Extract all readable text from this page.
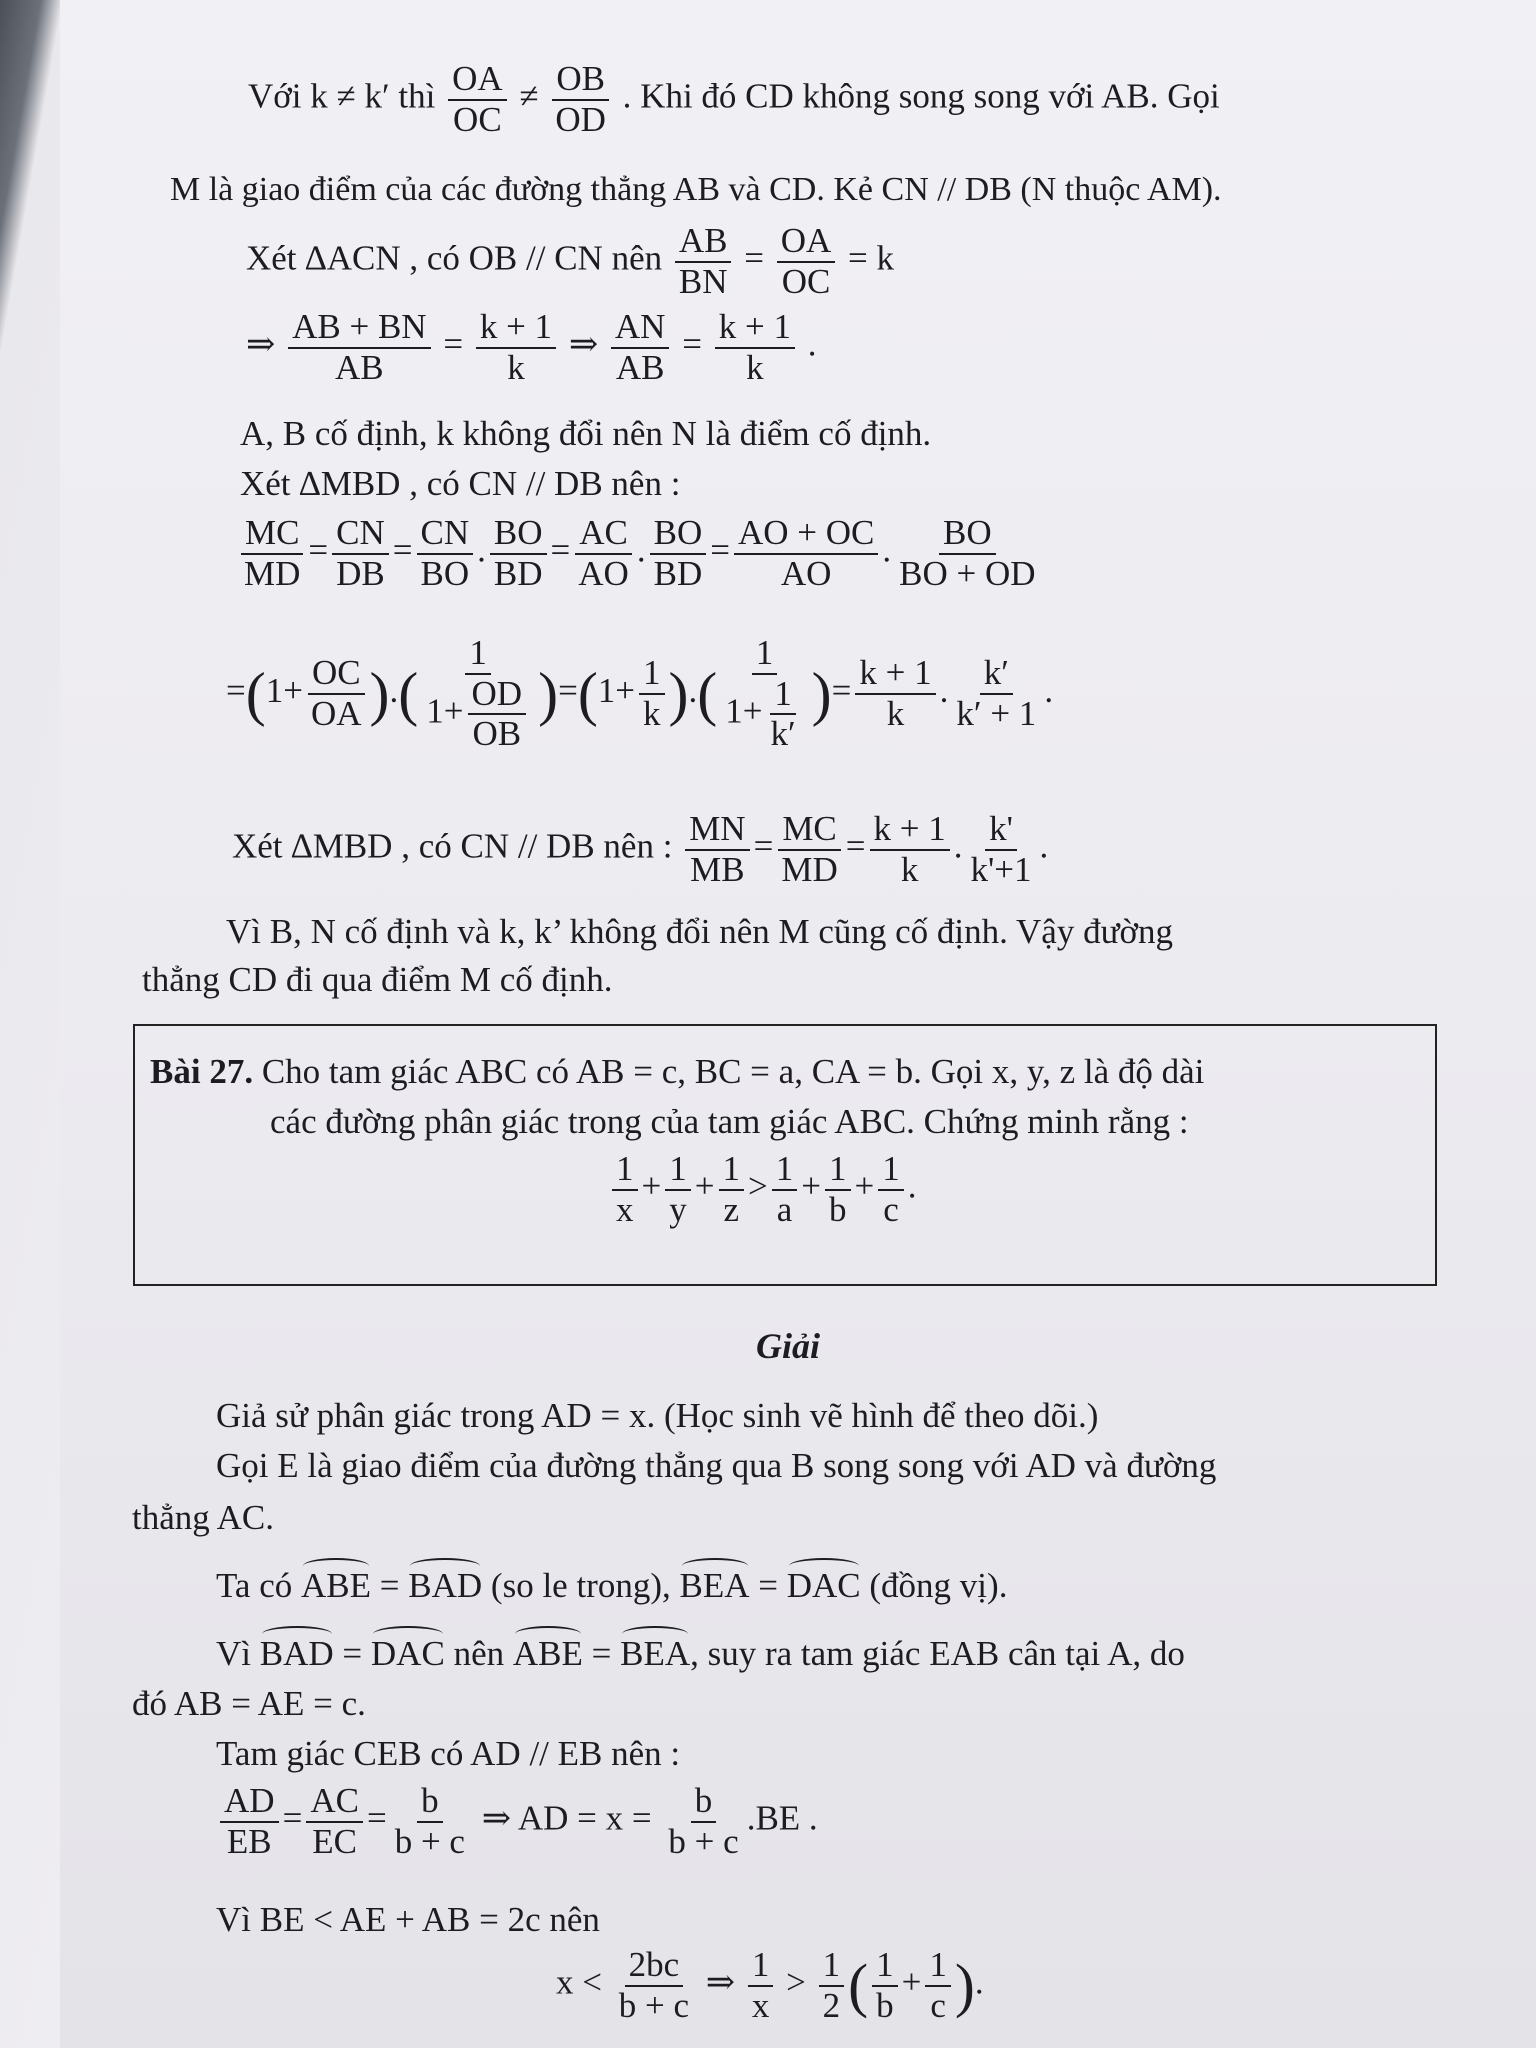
Với k ≠ k′ thì $\frac{OA}{OC} \ne \frac{OB}{OD}$ . Khi đó CD không song song với AB. Gọi
M là giao điểm của các đường thẳng AB và CD. Kẻ CN // DB (N thuộc AM).
Xét ∆ACN , có OB // CN nên $\frac{AB}{BN} = \frac{OA}{OC} = k$
⇒ $\frac{AB + BN}{AB} = \frac{k + 1}{k}$ ⇒ $\frac{AN}{AB} = \frac{k + 1}{k}$ .
A, B cố định, k không đổi nên N là điểm cố định.
Xét ∆MBD , có CN // DB nên :
$\frac{MC}{MD} = \frac{CN}{DB} = \frac{CN}{BO}$ . $\frac{BO}{BD} = \frac{AC}{AO}$ . $\frac{BO}{BD} = \frac{AO + OC}{AO}$ . $\frac{BO}{BO + OD}$
$=(1+ \frac{OC}{OA}$ ).( $\frac{1}{1+ \frac{OD}{OB}} )=(1+ \frac{1}{k}$ ).( $\frac{1}{1+ \frac{1}{k'}}$ )= $\frac{k + 1}{k}$ . $\frac{k'}{k' + 1}$ .
Xét ∆MBD , có CN // DB nên : $\frac{MN}{MB} = \frac{MC}{MD} = \frac{k + 1}{k}$ . $\frac{k'}{k'+1}$ .
Vì B, N cố định và k, k’ không đổi nên M cũng cố định. Vậy đường
thẳng CD đi qua điểm M cố định.
Bài 27. Cho tam giác ABC có AB = c, BC = a, CA = b. Gọi x, y, z là độ dài
các đường phân giác trong của tam giác ABC. Chứng minh rằng :
$\frac{1}{x} + \frac{1}{y} + \frac{1}{z} > \frac{1}{a} + \frac{1}{b} + \frac{1}{c}$ .
Giải
Giả sử phân giác trong AD = x. (Học sinh vẽ hình để theo dõi.)
Gọi E là giao điểm của đường thẳng qua B song song với AD và đường
thẳng AC.
Ta có ABE = BAD (so le trong), BEA = DAC (đồng vị).
Vì BAD = DAC nên ABE = BEA, suy ra tam giác EAB cân tại A, do
đó AB = AE = c.
Tam giác CEB có AD // EB nên :
$\frac{AD}{EB} = \frac{AC}{EC} = \frac{b}{b + c}$ ⇒ AD = $x = \frac{b}{b + c} .BE$ .
Vì BE < AE + AB = 2c nên
$x < \frac{2bc}{b + c}$ ⇒ $\frac{1}{x} > \frac{1}{2}$ ( $\frac{1}{b} + \frac{1}{c}$ ).
